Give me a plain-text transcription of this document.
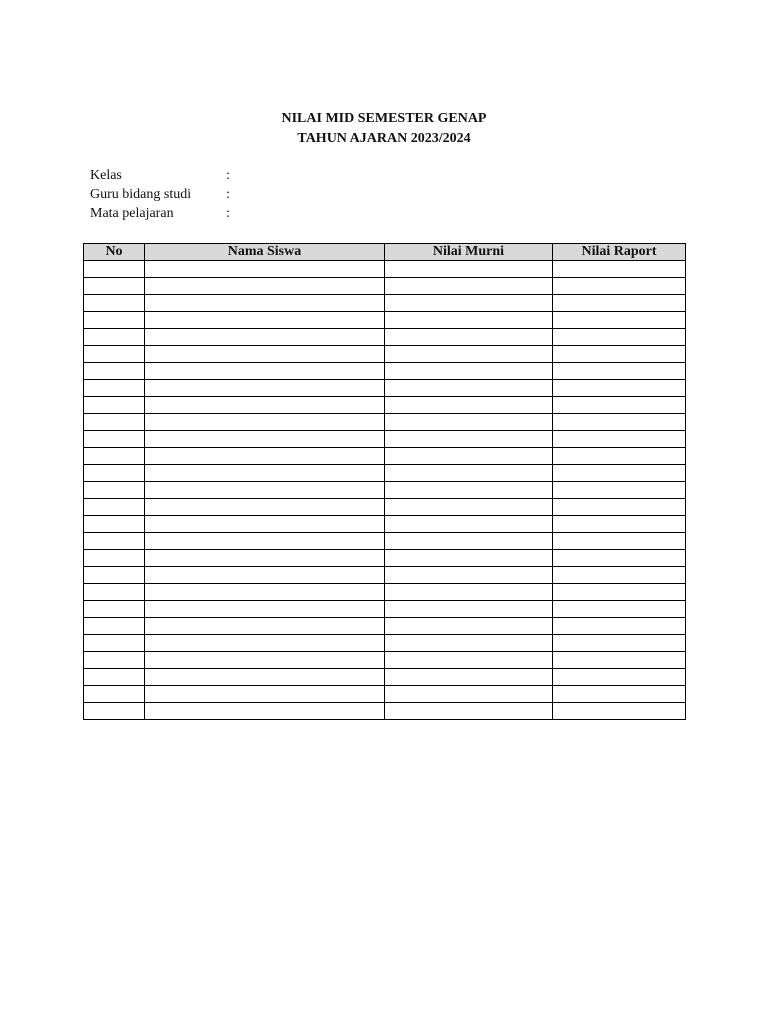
NILAI MID SEMESTER GENAP
TAHUN AJARAN 2023/2024
Kelas	:
Guru bidang studi	:
Mata pelajaran	:
No	Nama Siswa	Nilai Murni	Nilai Raport
